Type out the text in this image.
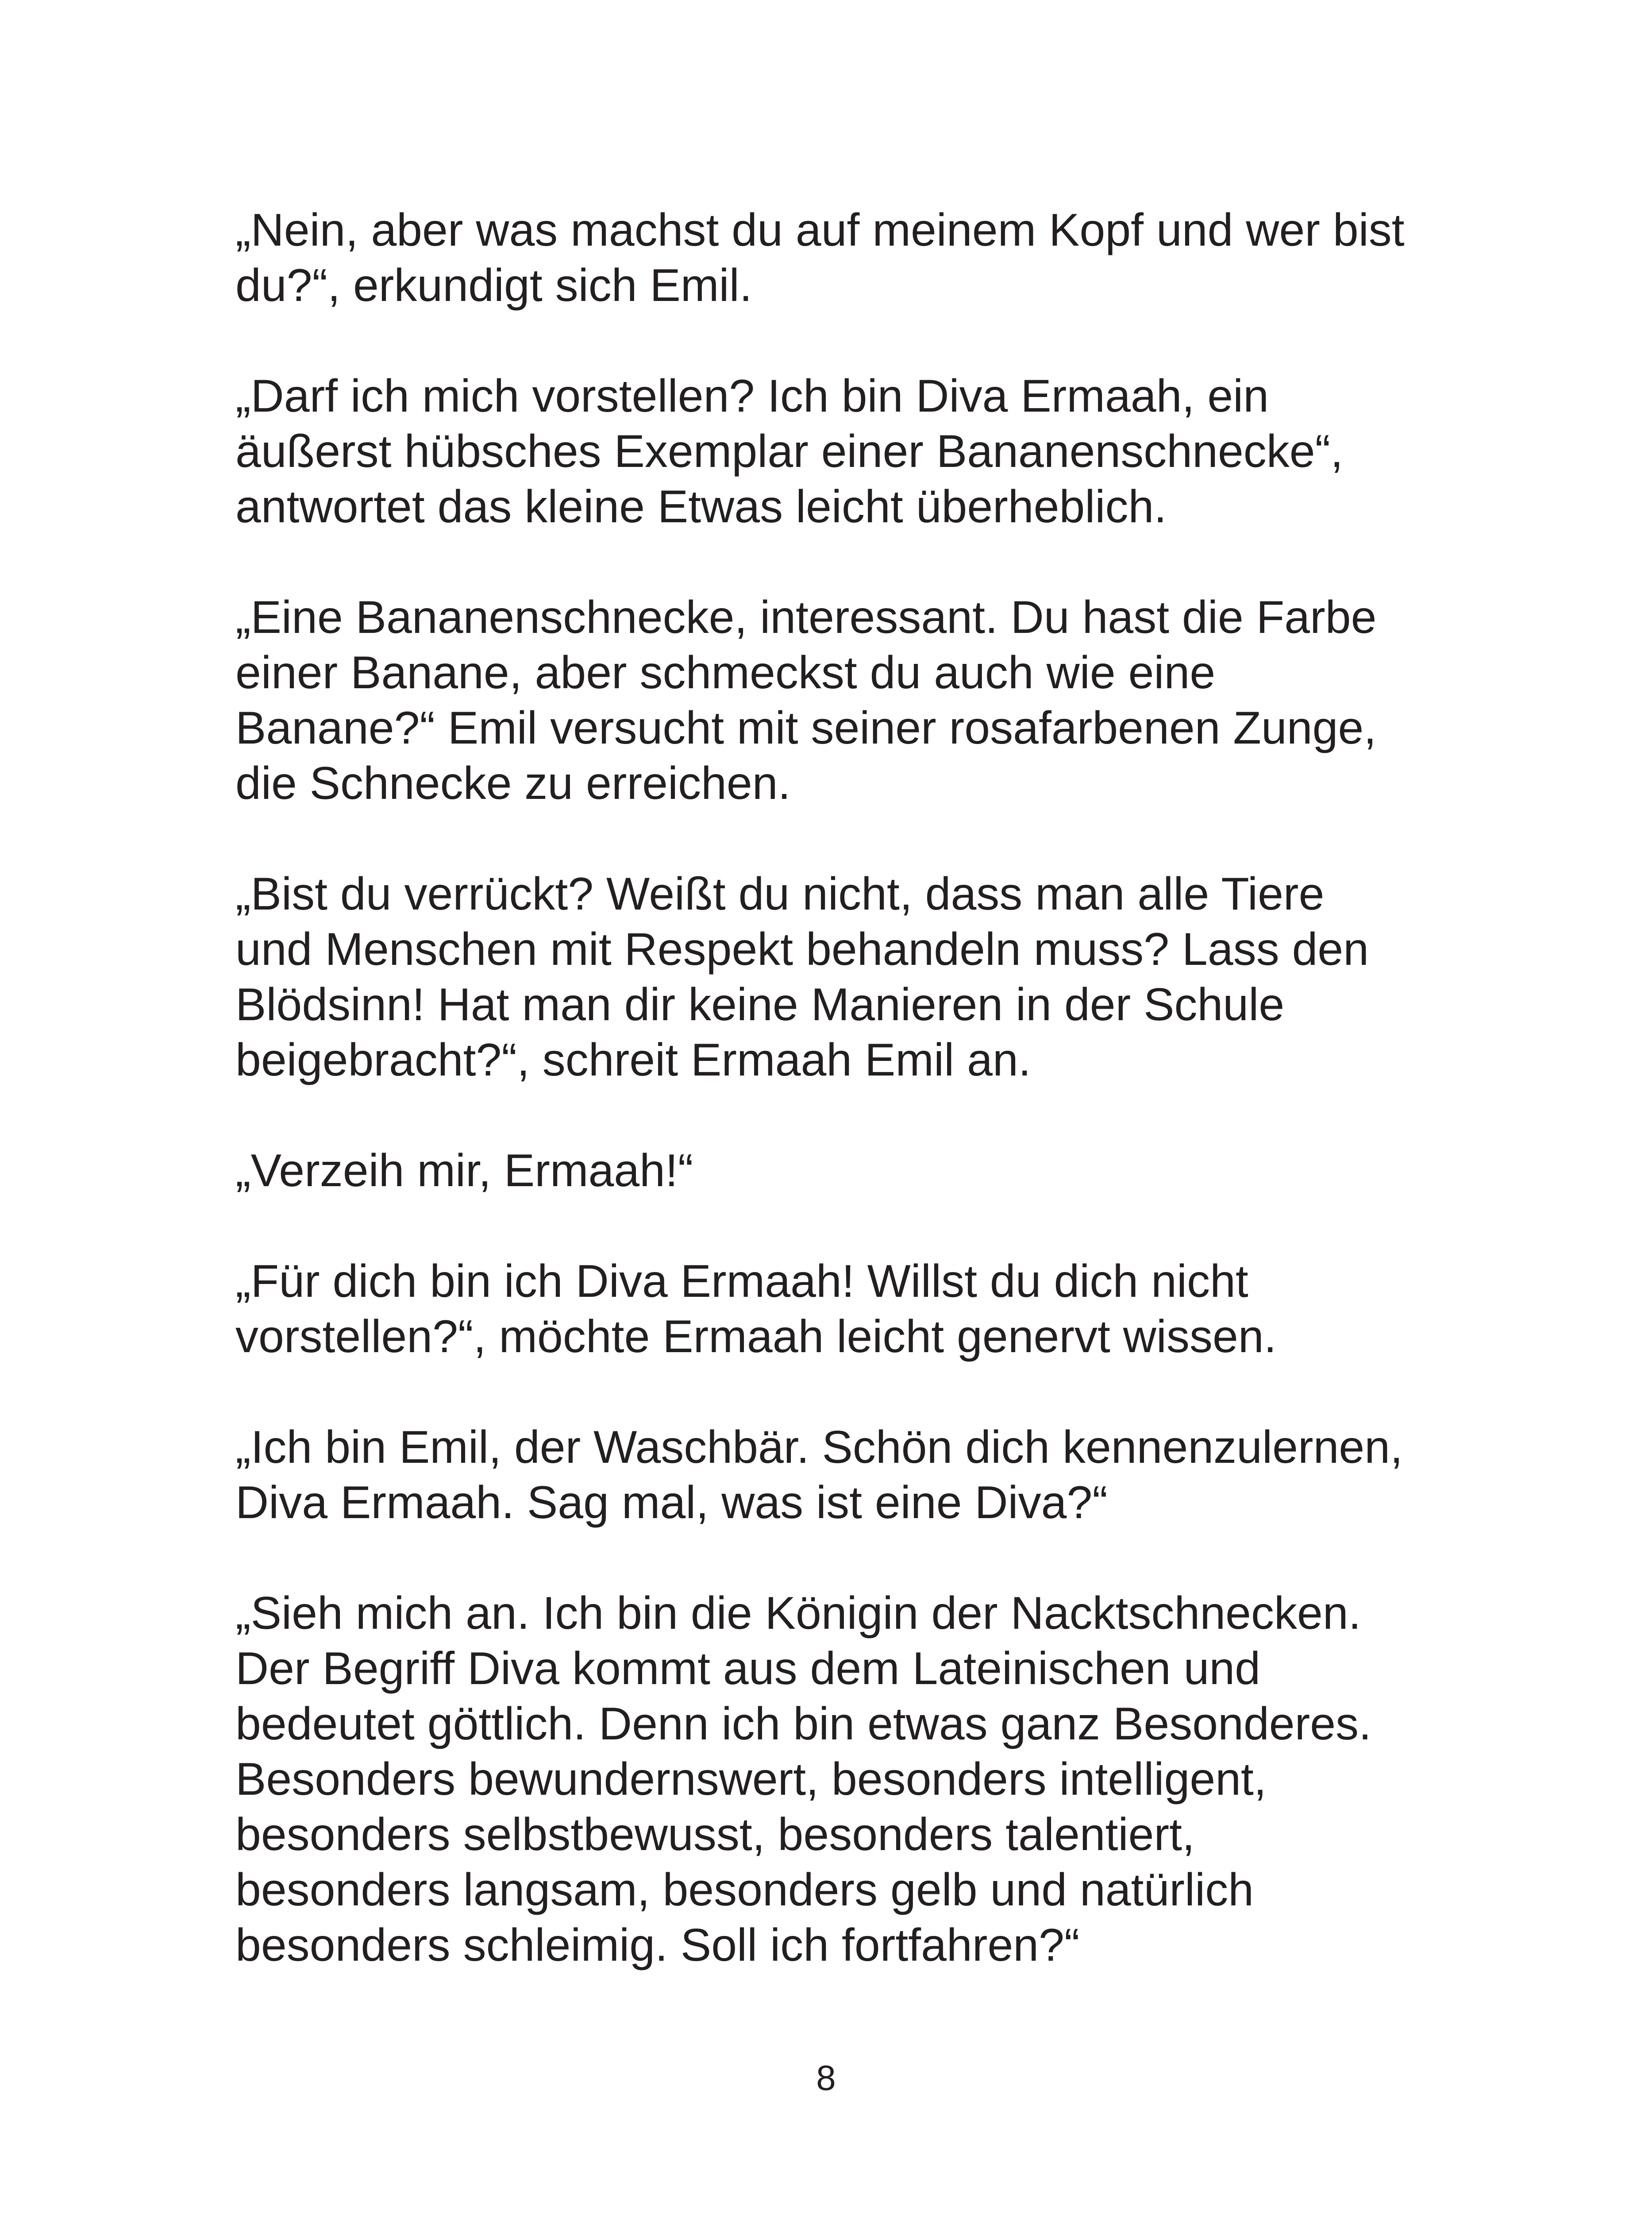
„Nein, aber was machst du auf meinem Kopf und wer bist
du?“, erkundigt sich Emil.

„Darf ich mich vorstellen? Ich bin Diva Ermaah, ein
äußerst hübsches Exemplar einer Bananenschnecke“,
antwortet das kleine Etwas leicht überheblich.

„Eine Bananenschnecke, interessant. Du hast die Farbe
einer Banane, aber schmeckst du auch wie eine
Banane?“ Emil versucht mit seiner rosafarbenen Zunge,
die Schnecke zu erreichen.

„Bist du verrückt? Weißt du nicht, dass man alle Tiere
und Menschen mit Respekt behandeln muss? Lass den
Blödsinn! Hat man dir keine Manieren in der Schule
beigebracht?“, schreit Ermaah Emil an.

„Verzeih mir, Ermaah!“

„Für dich bin ich Diva Ermaah! Willst du dich nicht
vorstellen?“, möchte Ermaah leicht genervt wissen.

„Ich bin Emil, der Waschbär. Schön dich kennenzulernen,
Diva Ermaah. Sag mal, was ist eine Diva?“

„Sieh mich an. Ich bin die Königin der Nacktschnecken.
Der Begriff Diva kommt aus dem Lateinischen und
bedeutet göttlich. Denn ich bin etwas ganz Besonderes.
Besonders bewundernswert, besonders intelligent,
besonders selbstbewusst, besonders talentiert,
besonders langsam, besonders gelb und natürlich
besonders schleimig. Soll ich fortfahren?“

8
